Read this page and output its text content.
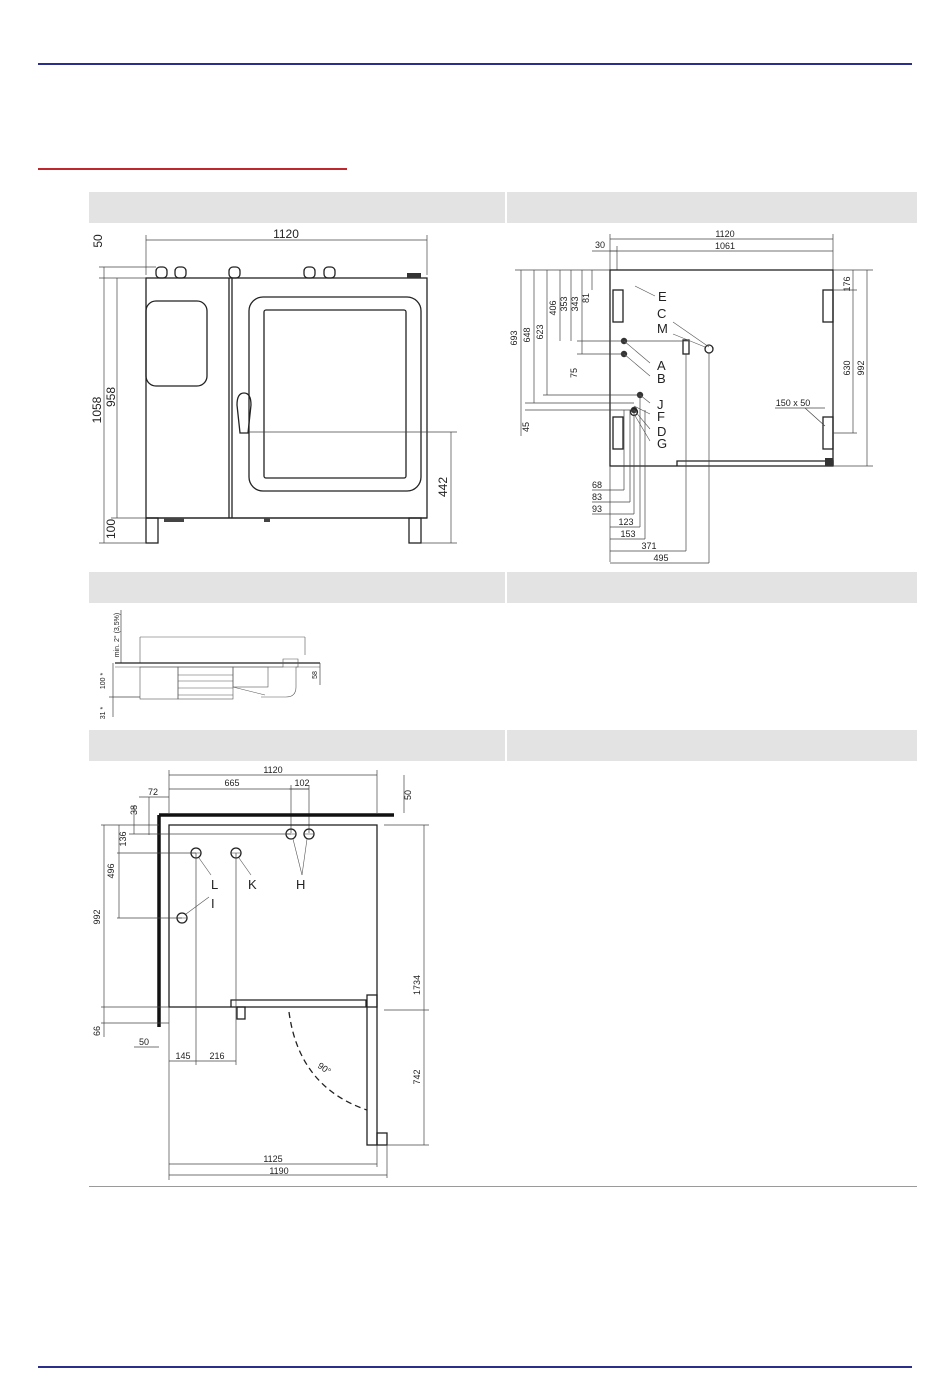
1120
50
1058 958
100
442
1120
1061
30
693 648 623
406 353 343 81
75
45
176
630 992
150 x 50
E
C
M
A
B
J
F
D
G
68
83
93
123
153
371
495
min. 2° (3,5%)
58
100 *
31 *
1120
665	102
72	50
90°
L K	H
I
38
136
496
992
66
50
145 216
1734
742
1125
1190
